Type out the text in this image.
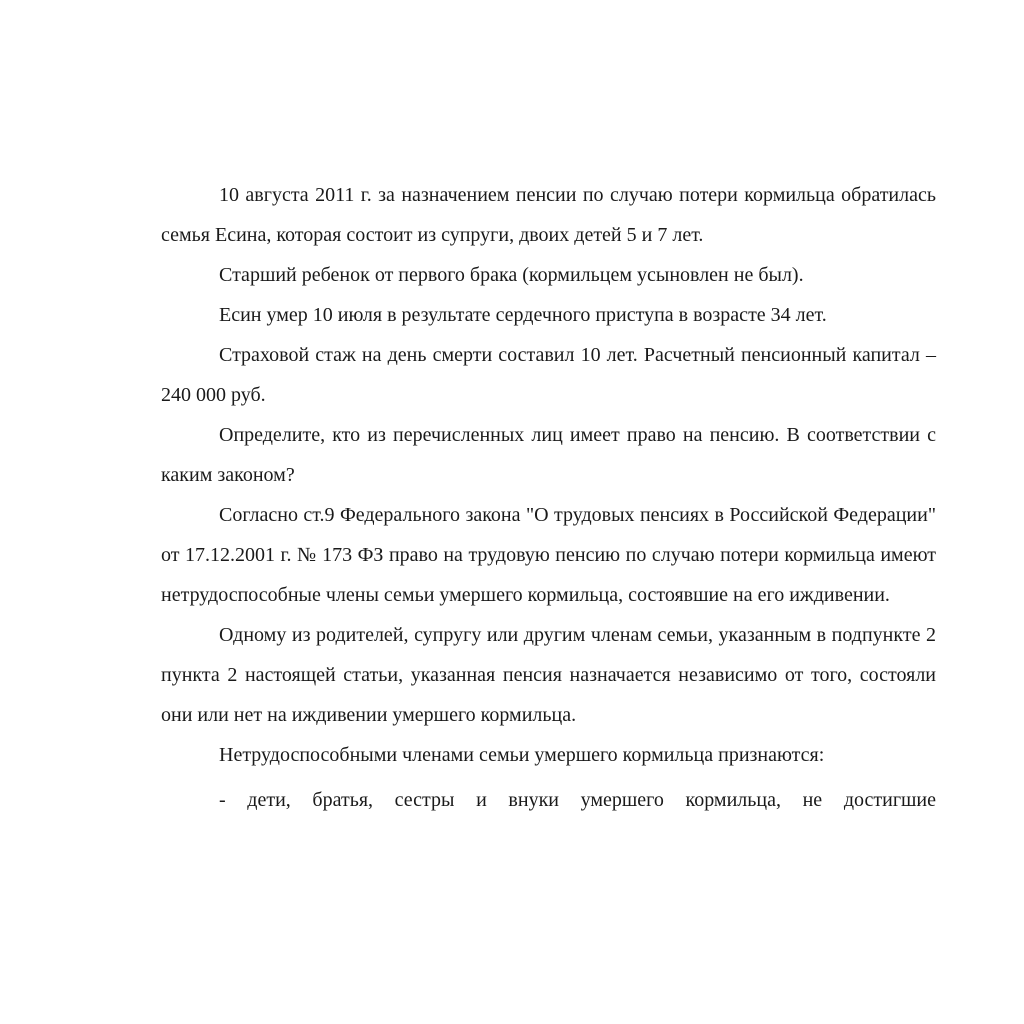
10 августа 2011 г. за назначением пенсии по случаю потери кормильца обратилась семья Есина, которая состоит из супруги, двоих детей 5 и 7 лет.

Старший ребенок от первого брака (кормильцем усыновлен не был).

Есин умер 10 июля в результате сердечного приступа в возрасте 34 лет.

Страховой стаж на день смерти составил 10 лет. Расчетный пенсионный капитал – 240 000 руб.

Определите, кто из перечисленных лиц имеет право на пенсию. В соответствии с каким законом?

Согласно ст.9 Федерального закона "О трудовых пенсиях в Российской Федерации" от 17.12.2001 г. № 173 ФЗ право на трудовую пенсию по случаю потери кормильца имеют нетрудоспособные члены семьи умершего кормильца, состоявшие на его иждивении.

Одному из родителей, супругу или другим членам семьи, указанным в подпункте 2 пункта 2 настоящей статьи, указанная пенсия назначается независимо от того, состояли они или нет на иждивении умершего кормильца.

Нетрудоспособными членами семьи умершего кормильца признаются:

- дети, братья, сестры и внуки умершего кормильца, не достигшие
